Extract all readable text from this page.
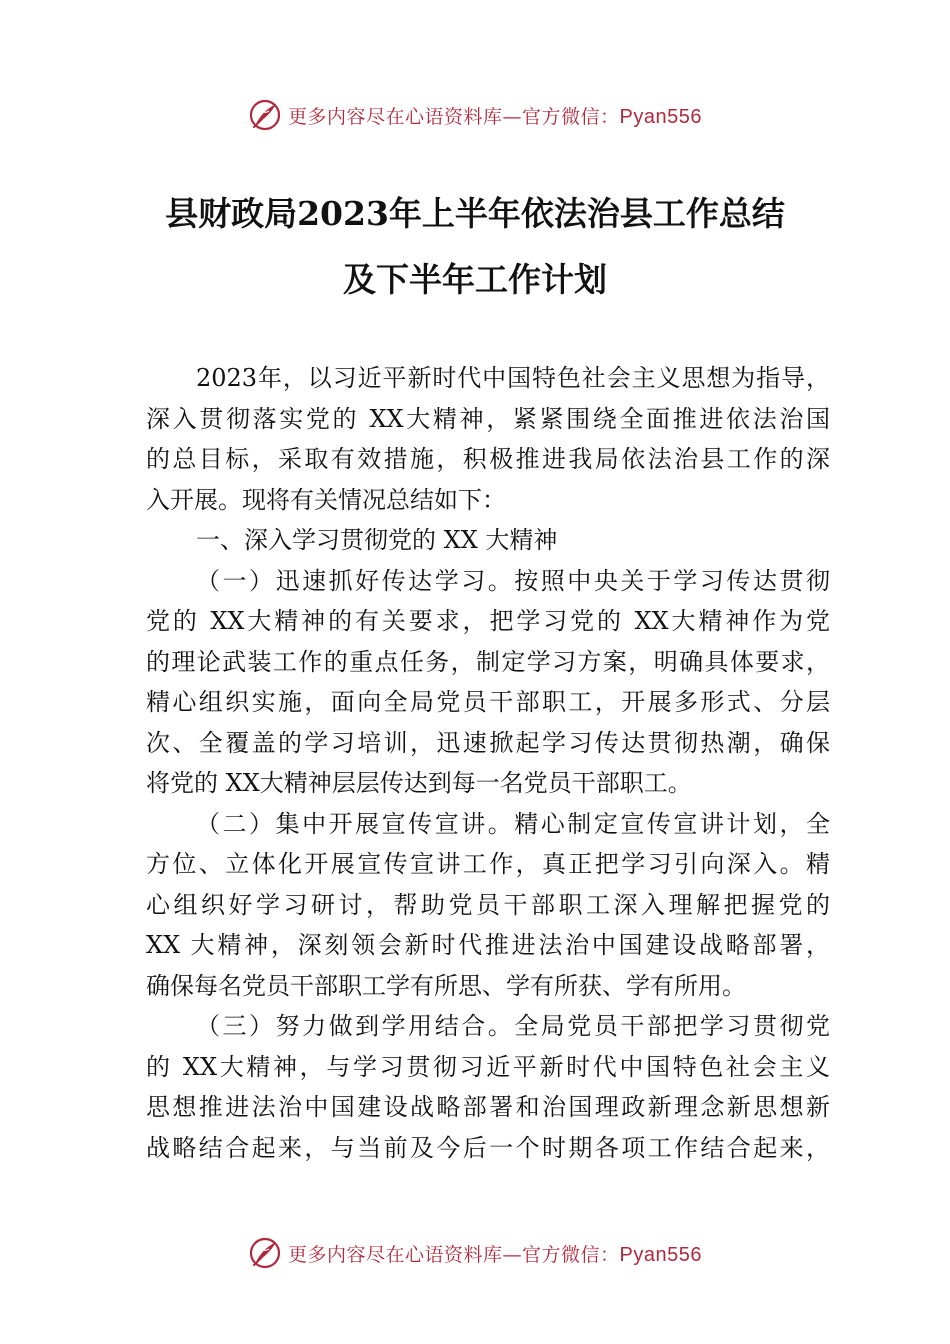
更多内容尽在心语资料库—官方微信：Pyan556
县财政局2023年上半年依法治县工作总结
及下半年工作计划
2023年，以习近平新时代中国特色社会主义思想为指导，
深入贯彻落实党的 XX大精神，紧紧围绕全面推进依法治国
的总目标，采取有效措施，积极推进我局依法治县工作的深
入开展。现将有关情况总结如下：
一、深入学习贯彻党的 XX 大精神
（一）迅速抓好传达学习。按照中央关于学习传达贯彻
党的 XX大精神的有关要求，把学习党的 XX大精神作为党
的理论武装工作的重点任务，制定学习方案，明确具体要求，
精心组织实施，面向全局党员干部职工，开展多形式、分层
次、全覆盖的学习培训，迅速掀起学习传达贯彻热潮，确保
将党的 XX大精神层层传达到每一名党员干部职工。
（二）集中开展宣传宣讲。精心制定宣传宣讲计划，全
方位、立体化开展宣传宣讲工作，真正把学习引向深入。精
心组织好学习研讨，帮助党员干部职工深入理解把握党的
XX 大精神，深刻领会新时代推进法治中国建设战略部署，
确保每名党员干部职工学有所思、学有所获、学有所用。
（三）努力做到学用结合。全局党员干部把学习贯彻党
的 XX大精神，与学习贯彻习近平新时代中国特色社会主义
思想推进法治中国建设战略部署和治国理政新理念新思想新
战略结合起来，与当前及今后一个时期各项工作结合起来，
更多内容尽在心语资料库—官方微信：Pyan556
